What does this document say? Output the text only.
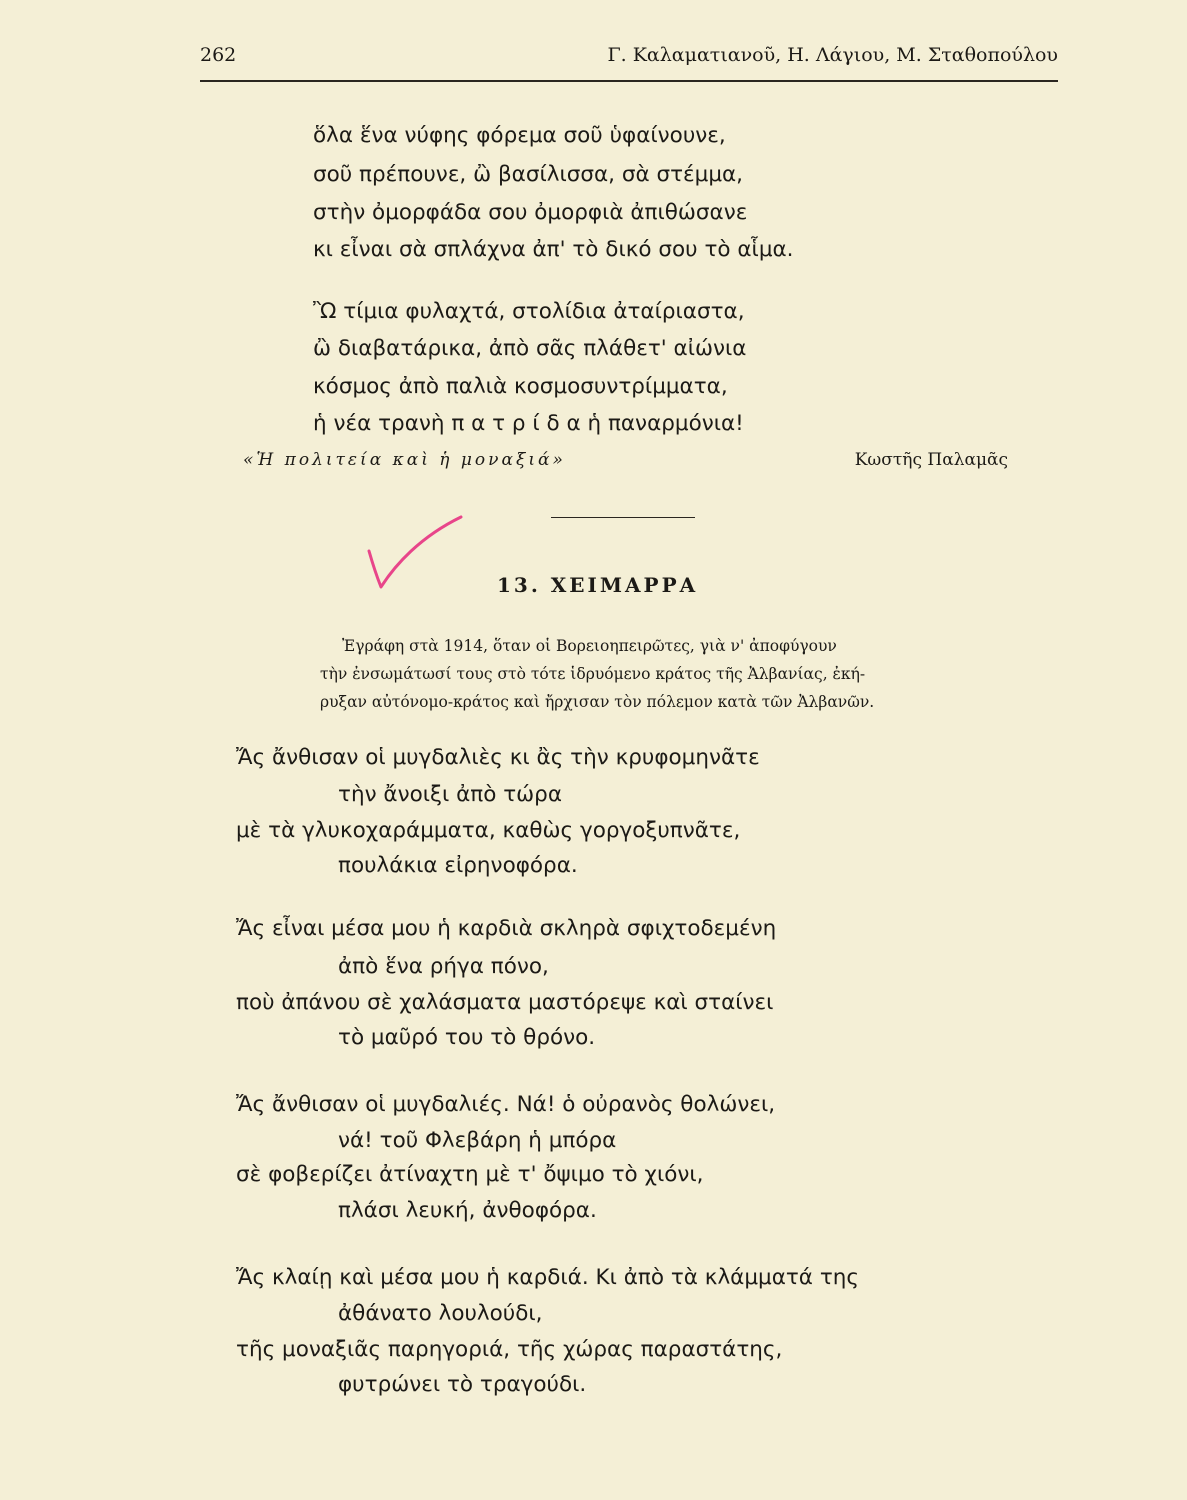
262	Γ. Καλαματιανοῦ, Η. Λάγιου, Μ. Σταθοπούλου
ὅλα ἕνα νύφης φόρεμα σοῦ ὑφαίνουνε,
σοῦ πρέπουνε, ὢ βασίλισσα, σὰ στέμμα,
στὴν ὀμορφάδα σου ὀμορφιὰ ἀπιθώσανε
κι εἶναι σὰ σπλάχνα ἀπ' τὸ δικό σου τὸ αἷμα.
Ὢ τίμια φυλαχτά, στολίδια ἀταίριαστα,
ὢ διαβατάρικα, ἀπὸ σᾶς πλάθετ' αἰώνια
κόσμος ἀπὸ παλιὰ κοσμοσυντρίμματα,
ἡ νέα τρανὴ π α τ ρ ί δ α ἡ παναρμόνια!
«Ἡ πολιτεία καὶ ἡ μοναξιά»	Κωστῆς Παλαμᾶς
13. ΧΕΙΜΑΡΡΑ
Ἐγράφη στὰ 1914, ὅταν οἱ Βορειοηπειρῶτες, γιὰ ν' ἀποφύγουν
τὴν ἐνσωμάτωσί τους στὸ τότε ἱδρυόμενο κράτος τῆς Ἀλβανίας, ἐκή-
ρυξαν αὐτόνομο-κράτος καὶ ἤρχισαν τὸν πόλεμον κατὰ τῶν Ἀλβανῶν.
Ἄς ἄνθισαν οἱ μυγδαλιὲς κι ἂς τὴν κρυφομηνᾶτε
τὴν ἄνοιξι ἀπὸ τώρα
μὲ τὰ γλυκοχαράμματα, καθὼς γοργοξυπνᾶτε,
πουλάκια εἰρηνοφόρα.
Ἄς εἶναι μέσα μου ἡ καρδιὰ σκληρὰ σφιχτοδεμένη
ἀπὸ ἕνα ρήγα πόνο,
ποὺ ἀπάνου σὲ χαλάσματα μαστόρεψε καὶ σταίνει
τὸ μαῦρό του τὸ θρόνο.
Ἄς ἄνθισαν οἱ μυγδαλιές. Νά! ὁ οὐρανὸς θολώνει,
νά! τοῦ Φλεβάρη ἡ μπόρα
σὲ φοβερίζει ἀτίναχτη μὲ τ' ὄψιμο τὸ χιόνι,
πλάσι λευκή, ἀνθοφόρα.
Ἄς κλαίῃ καὶ μέσα μου ἡ καρδιά. Κι ἀπὸ τὰ κλάμματά της
ἀθάνατο λουλούδι,
τῆς μοναξιᾶς παρηγοριά, τῆς χώρας παραστάτης,
φυτρώνει τὸ τραγούδι.
